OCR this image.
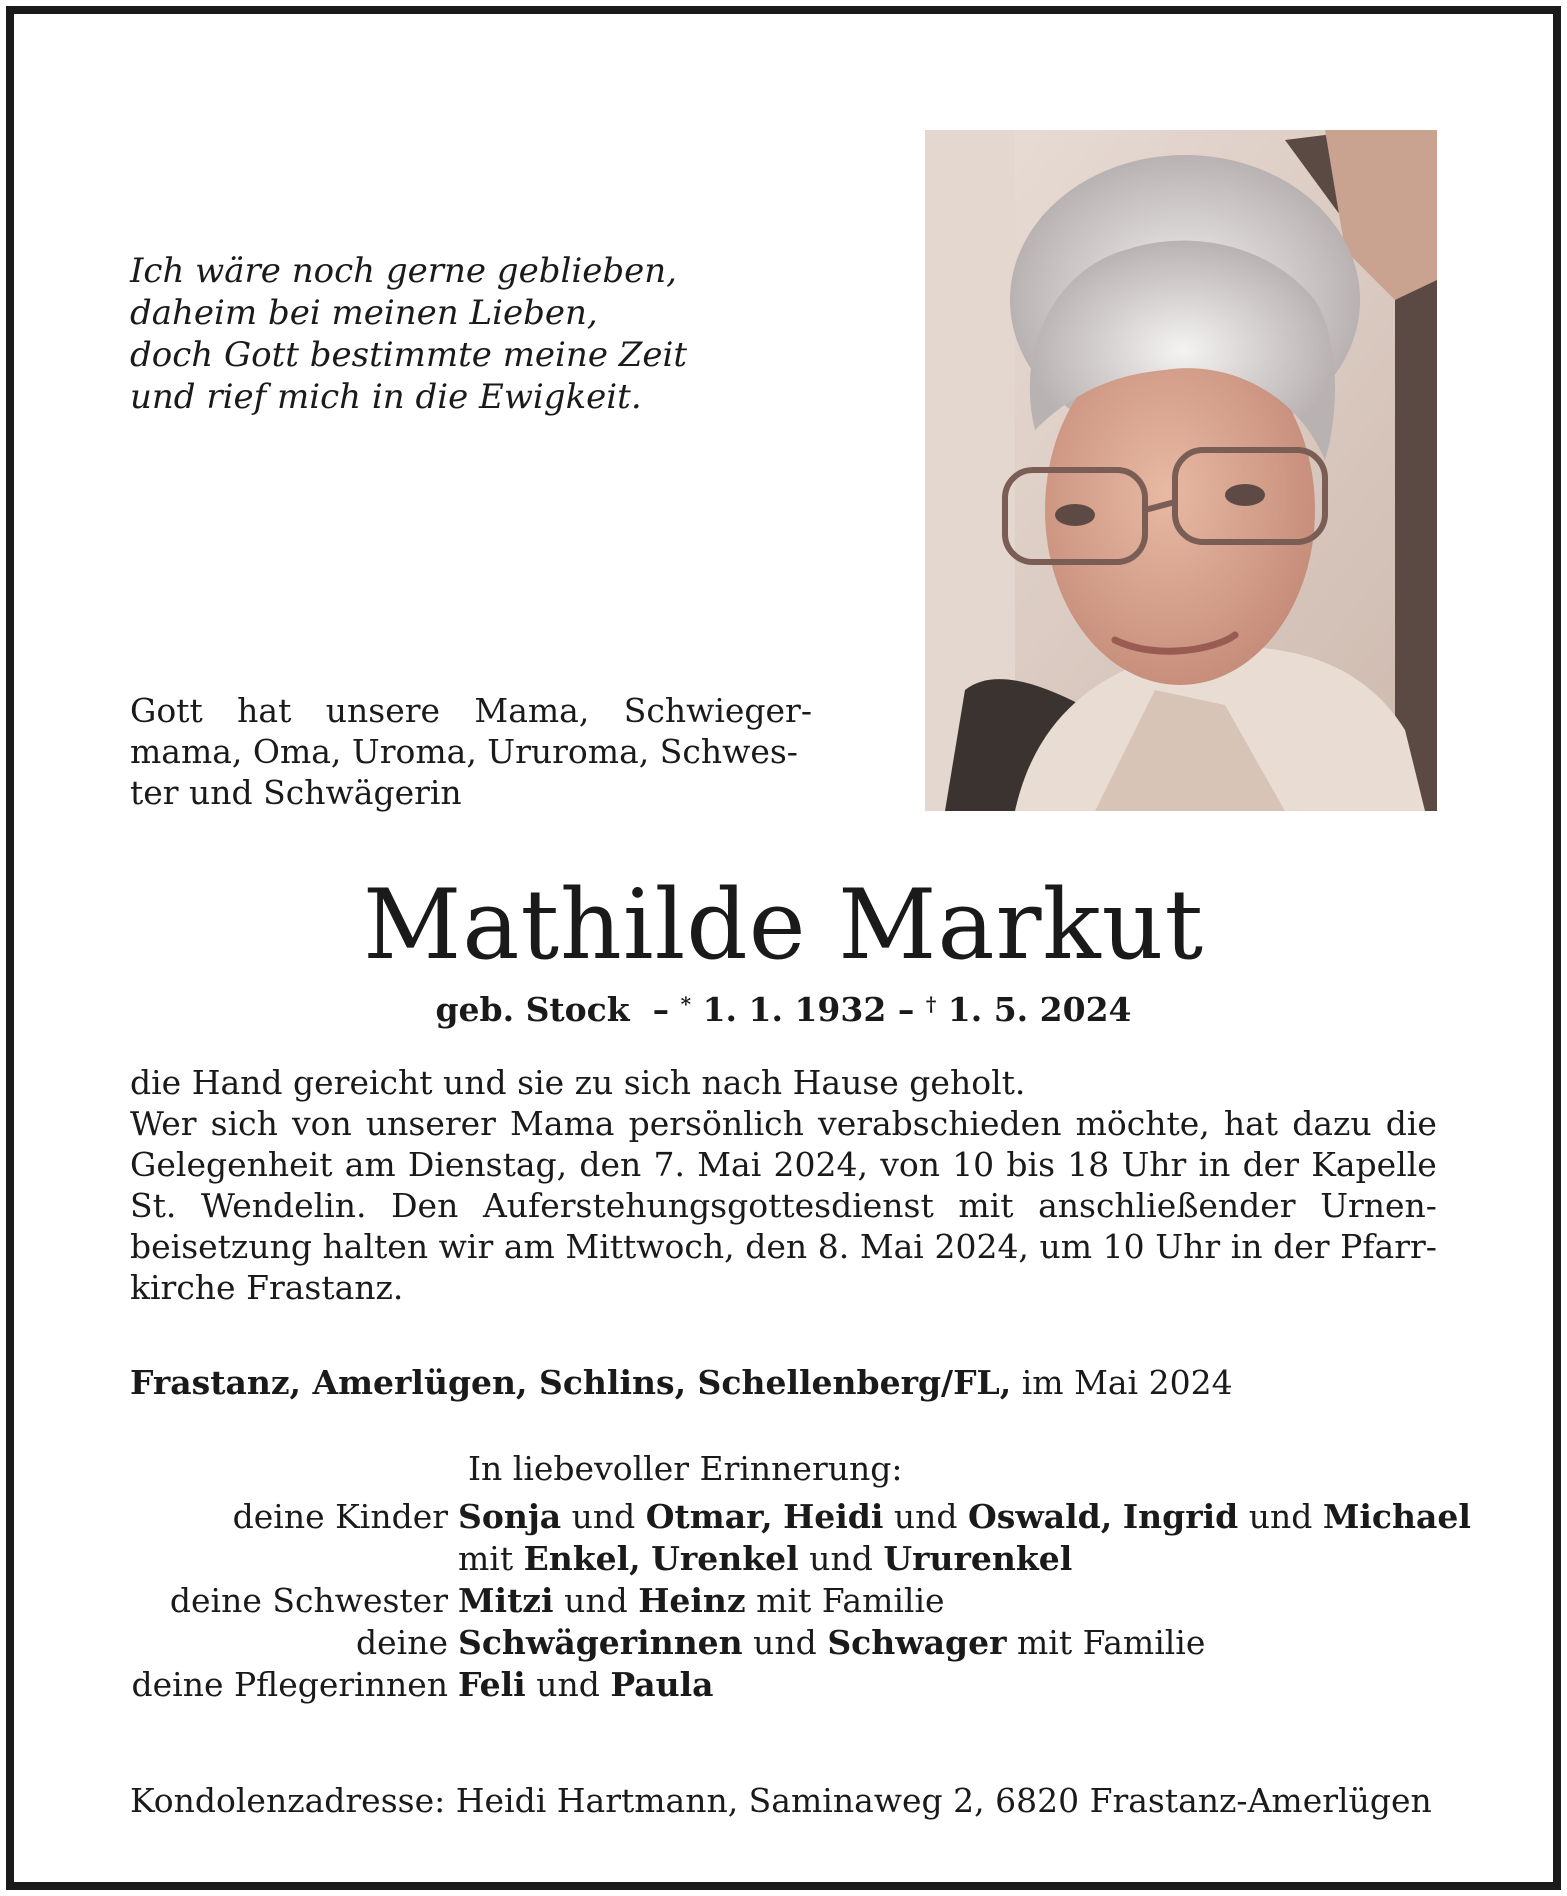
Ich wäre noch gerne geblieben,
daheim bei meinen Lieben,
doch Gott bestimmte meine Zeit
und rief mich in die Ewigkeit.
Gott hat unsere Mama, Schwieger-
mama, Oma, Uroma, Ururoma, Schwes-
ter und Schwägerin
Mathilde Markut
geb. Stock  – * 1. 1. 1932 – † 1. 5. 2024
die Hand gereicht und sie zu sich nach Hause geholt.
Wer sich von unserer Mama persönlich verabschieden möchte, hat dazu die
Gelegenheit am Dienstag, den 7. Mai 2024, von 10 bis 18 Uhr in der Kapelle
St. Wendelin. Den Auferstehungsgottesdienst mit anschließender Urnen-
beisetzung halten wir am Mittwoch, den 8. Mai 2024, um 10 Uhr in der Pfarr-
kirche Frastanz.
Frastanz, Amerlügen, Schlins, Schellenberg/FL, im Mai 2024
In liebevoller Erinnerung:
deine Kinder Sonja und Otmar, Heidi und Oswald, Ingrid und Michael
mit Enkel, Urenkel und Ururenkel
deine Schwester Mitzi und Heinz mit Familie
deine Schwägerinnen und Schwager mit Familie
deine Pflegerinnen Feli und Paula
Kondolenzadresse: Heidi Hartmann, Saminaweg 2, 6820 Frastanz-Amerlügen
